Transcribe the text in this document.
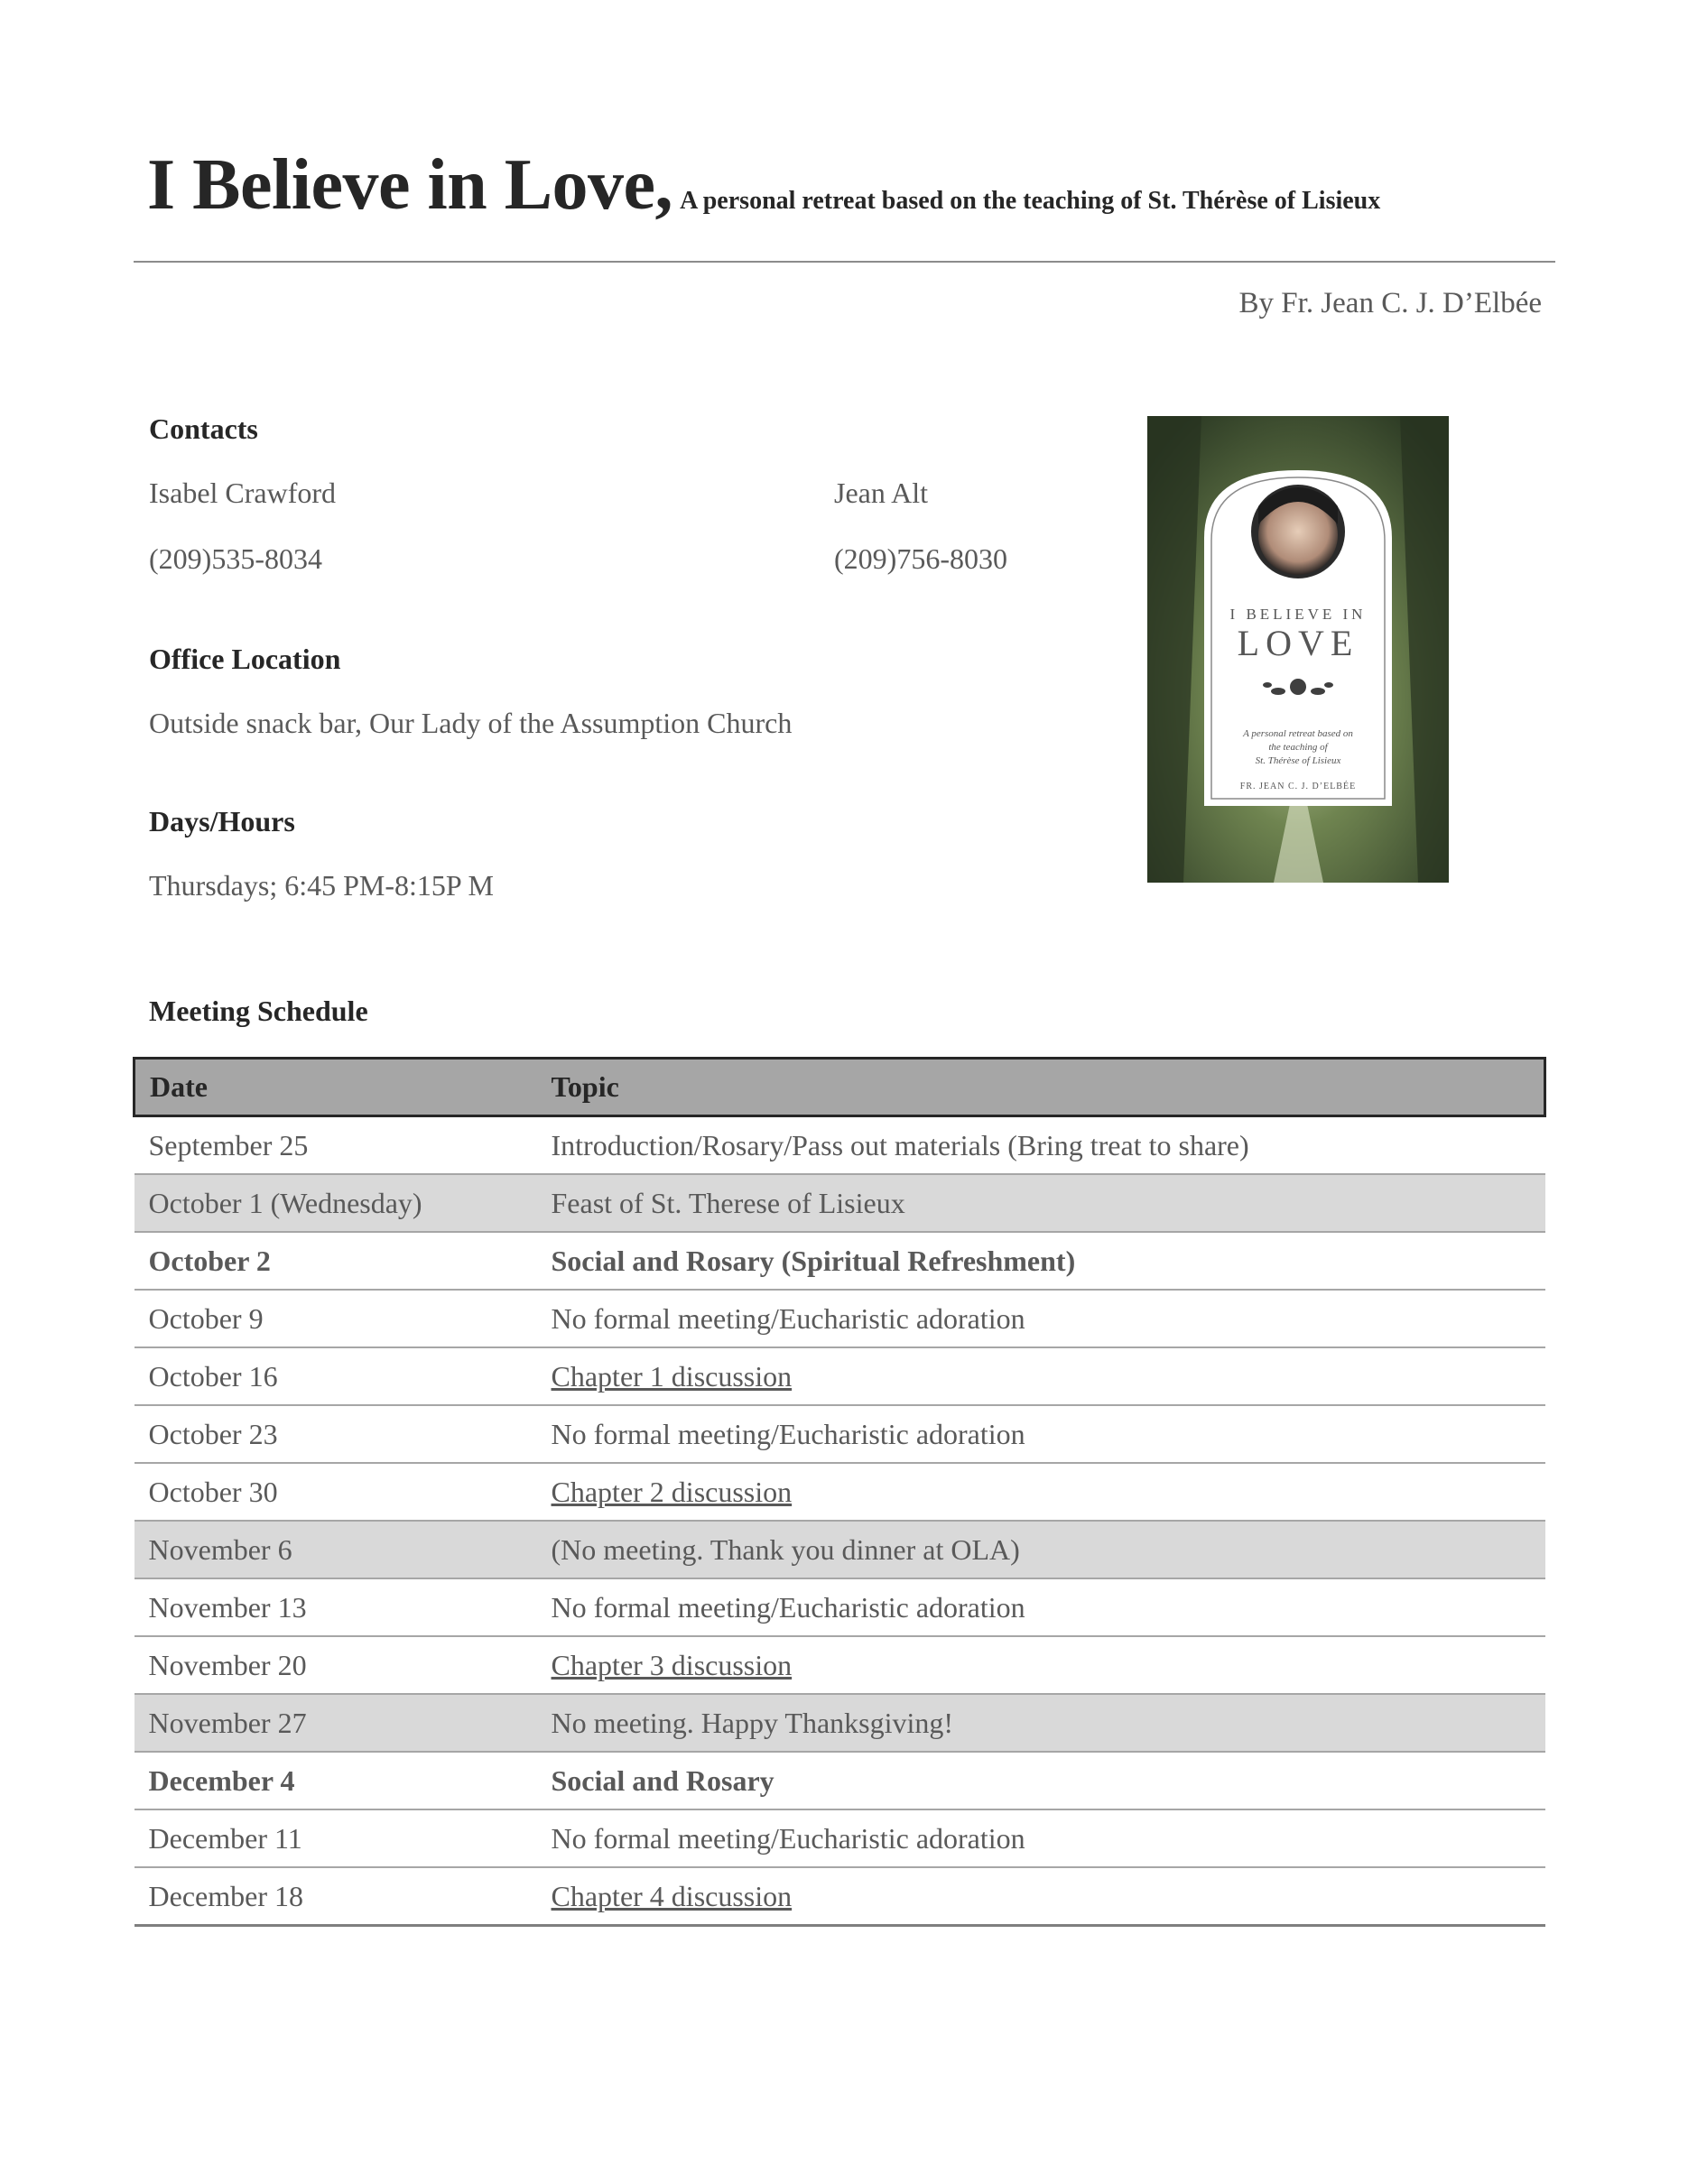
I Believe in Love, A personal retreat based on the teaching of St. Thérèse of Lisieux
By Fr. Jean C. J. D’Elbée
Contacts
Isabel Crawford	Jean Alt
(209)535-8034	(209)756-8030
Office Location
Outside snack bar, Our Lady of the Assumption Church
Days/Hours
Thursdays; 6:45 PM-8:15P M
I BELIEVE IN
LOVE
A personal retreat based on
the teaching of
St. Thérèse of Lisieux
FR. JEAN C. J. D’ELBÉE
Meeting Schedule
Date	Topic
September 25	Introduction/Rosary/Pass out materials (Bring treat to share)
October 1 (Wednesday)	Feast of St. Therese of Lisieux
October 2	Social and Rosary (Spiritual Refreshment)
October 9	No formal meeting/Eucharistic adoration
October 16	Chapter 1 discussion
October 23	No formal meeting/Eucharistic adoration
October 30	Chapter 2 discussion
November 6	(No meeting. Thank you dinner at OLA)
November 13	No formal meeting/Eucharistic adoration
November 20	Chapter 3 discussion
November 27	No meeting. Happy Thanksgiving!
December 4	Social and Rosary
December 11	No formal meeting/Eucharistic adoration
December 18	Chapter 4 discussion
